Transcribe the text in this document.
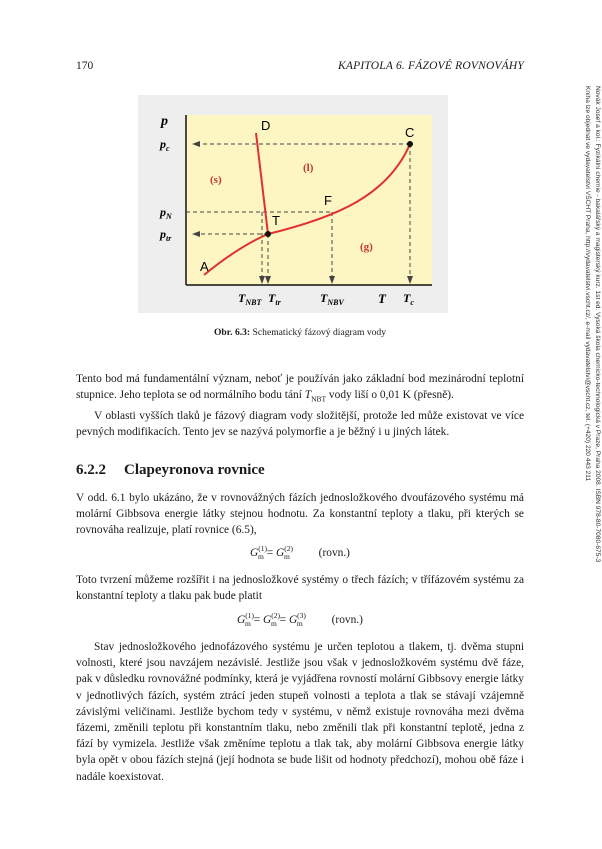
170	KAPITOLA 6. FÁZOVÉ ROVNOVÁHY
Novák Josef a kol.: Fyzikální chemie - bakalářský a magisterský kurz. 1st ed. Vysoká škola chemicko-technologická v Praze, Praha 2008. ISBN 978-80-7080-675-3
Kniha lze objednat ve vydavatelství VŠCHT Praha, http://vydavatelstvi.vscht.cz/, e-mail vydavatelstvi@vscht.cz, tel. (+420) 220 443 211
D	C
F
T
A
(s)
(l)
(g)
p
T
$p_c$
$p_N$
$p_{tr}$
$T_{NBT}$ $T_{tr}$	$T_{NBV}$	$T_c$
Obr. 6.3: Schematický fázový diagram vody

Tento bod má fundamentální význam, neboť je používán jako základní bod mezinárodní teplotní stupnice. Jeho teplota se od normálního bodu tání $T_{NBT}$ vody liší o 0,01 K (přesně).

V oblasti vyšších tlaků je fázový diagram vody složitější, protože led může existovat ve více pevných modifikacích. Tento jev se nazývá polymorfie a je běžný i u jiných látek.

6.2.2 Clapeyronova rovnice

V odd. 6.1 bylo ukázáno, že v rovnovážných fázích jednosložkového dvoufázového systému má molární Gibbsova energie látky stejnou hodnotu. Za konstantní teploty a tlaku, při kterých se rovnováha realizuje, platí rovnice (6.5),

$G^{(1)}_m = G^{(2)}_m$	(rovn.)

Toto tvrzení můžeme rozšířit i na jednosložkové systémy o třech fázích; v třífázovém systému za konstantní teploty a tlaku pak bude platit

$G^{(1)}_m = G^{(2)}_m = G^{(3)}_m$	(rovn.)

Stav jednosložkového jednofázového systému je určen teplotou a tlakem, tj. dvěma stupni volnosti, které jsou navzájem nezávislé. Jestliže jsou však v jednosložkovém systému dvě fáze, pak v důsledku rovnovážné podmínky, která je vyjádřena rovností molární Gibbsovy energie látky v jednotlivých fázích, systém ztrácí jeden stupeň volnosti a teplota a tlak se stávají vzájemně závislými veličinami. Jestliže bychom tedy v systému, v němž existuje rovnováha mezi dvěma fázemi, změnili teplotu při konstantním tlaku, nebo změnili tlak při konstantní teplotě, jedna z fází by vymizela. Jestliže však změníme teplotu a tlak tak, aby molární Gibbsova energie látky byla opět v obou fázích stejná (její hodnota se bude lišit od hodnoty předchozí), mohou obě fáze i nadále koexistovat.
